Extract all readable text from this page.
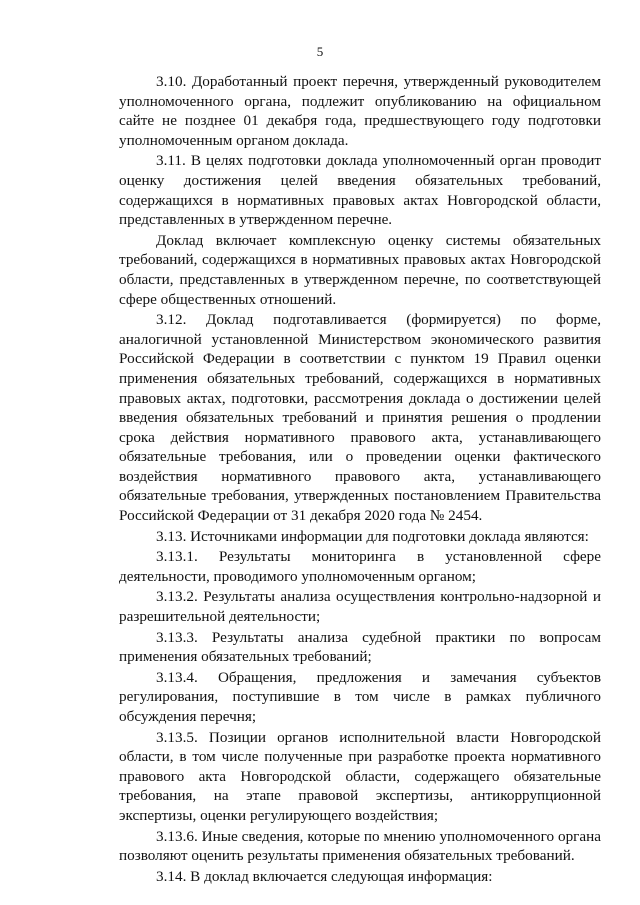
5

3.10. Доработанный проект перечня, утвержденный руководителем уполномоченного органа, подлежит опубликованию на официальном сайте не позднее 01 декабря года, предшествующего году подготовки уполномоченным органом доклада.

3.11. В целях подготовки доклада уполномоченный орган проводит оценку достижения целей введения обязательных требований, содержащихся в нормативных правовых актах Новгородской области, представленных в утвержденном перечне.

Доклад включает комплексную оценку системы обязательных требований, содержащихся в нормативных правовых актах Новгородской области, представленных в утвержденном перечне, по соответствующей сфере общественных отношений.

3.12. Доклад подготавливается (формируется) по форме, аналогичной установленной Министерством экономического развития Российской Федерации в соответствии с пунктом 19 Правил оценки применения обязательных требований, содержащихся в нормативных правовых актах, подготовки, рассмотрения доклада о достижении целей введения обязательных требований и принятия решения о продлении срока действия нормативного правового акта, устанавливающего обязательные требования, или о проведении оценки фактического воздействия нормативного правового акта, устанавливающего обязательные требования, утвержденных постановлением Правительства Российской Федерации от 31 декабря 2020 года № 2454.

3.13. Источниками информации для подготовки доклада являются:

3.13.1. Результаты мониторинга в установленной сфере деятельности, проводимого уполномоченным органом;

3.13.2. Результаты анализа осуществления контрольно-надзорной и разрешительной деятельности;

3.13.3. Результаты анализа судебной практики по вопросам применения обязательных требований;

3.13.4. Обращения, предложения и замечания субъектов регулирования, поступившие в том числе в рамках публичного обсуждения перечня;

3.13.5. Позиции органов исполнительной власти Новгородской области, в том числе полученные при разработке проекта нормативного правового акта Новгородской области, содержащего обязательные требования, на этапе правовой экспертизы, антикоррупционной экспертизы, оценки регулирующего воздействия;

3.13.6. Иные сведения, которые по мнению уполномоченного органа позволяют оценить результаты применения обязательных требований.

3.14. В доклад включается следующая информация:
